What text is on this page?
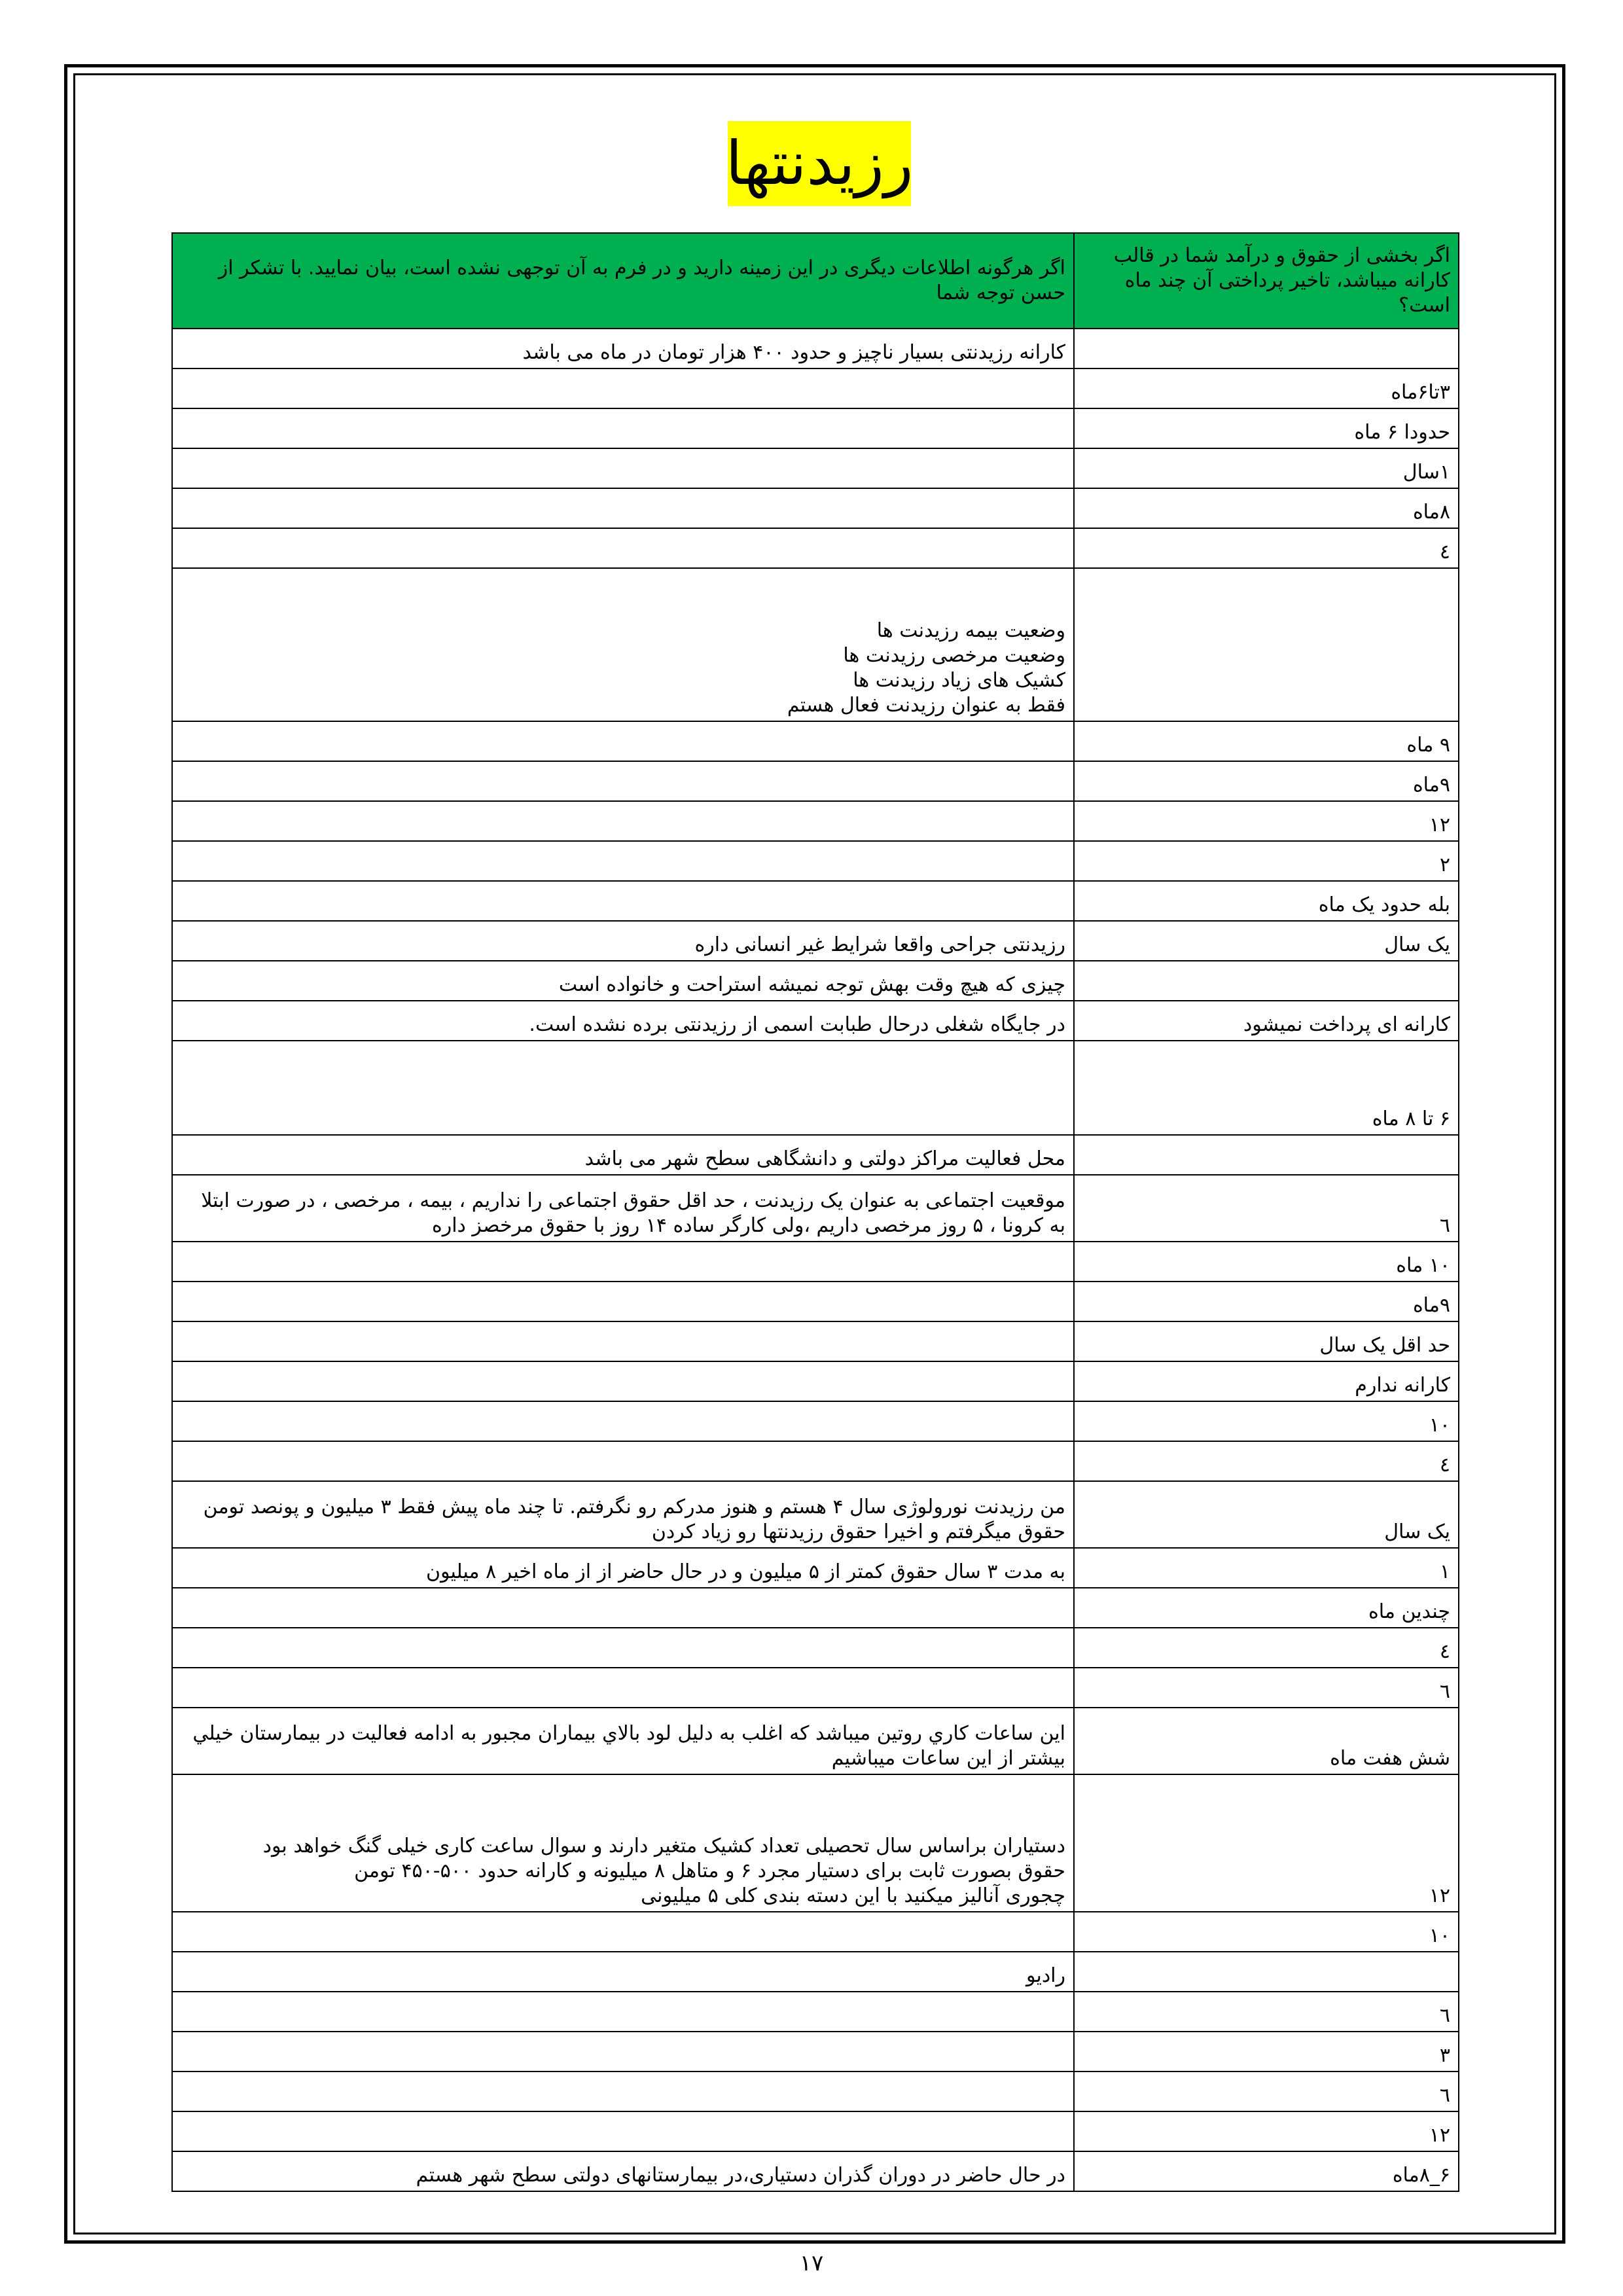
رزیدنتها
اگر بخشی از حقوق و درآمد شما در قالب کارانه میباشد، تاخیر پرداختی آن چند ماه است؟	اگر هرگونه اطلاعات دیگری در این زمینه دارید و در فرم به آن توجهی نشده است، بیان نمایید. با تشکر از حسن توجه شما
	کارانه رزیدنتی بسیار ناچیز و حدود ۴۰۰ هزار تومان در ماه می باشد
۳تا۶ماه	
حدودا ۶ ماه	
۱سال	
۸ماه	
٤	
	وضعیت بیمه رزیدنت ها
وضعیت مرخصی رزیدنت ها
کشیک های زیاد رزیدنت ها
فقط به عنوان رزیدنت فعال هستم
۹ ماه	
۹ماه	
۱۲	
۲	
بله حدود یک ماه	
یک سال	رزیدنتی جراحی واقعا شرایط غیر انسانی داره
	چیزی که هیچ وقت بهش توجه نمیشه استراحت و خانواده است
کارانه ای پرداخت نمیشود	در جایگاه شغلی درحال طبابت اسمی از رزیدنتی برده نشده است.
۶ تا ۸ ماه	
	محل فعالیت مراکز دولتی و دانشگاهی سطح شهر می باشد
٦	موقعیت اجتماعی به عنوان یک رزیدنت ، حد اقل حقوق اجتماعی را نداریم ، بیمه ، مرخصی ، در صورت ابتلا به کرونا ، ۵ روز مرخصی داریم ،ولی کارگر ساده ۱۴ روز با حقوق مرخصز داره
۱۰ ماه	
۹ماه	
حد اقل یک سال	
کارانه ندارم	
۱۰	
٤	
یک سال	من رزیدنت نورولوژی سال ۴ هستم و هنوز مدرکم رو نگرفتم. تا چند ماه پیش فقط ۳ میلیون و پونصد تومن حقوق میگرفتم و اخیرا حقوق رزیدنتها رو زیاد کردن
۱	به مدت ۳ سال حقوق کمتر از ۵ میلیون و در حال حاضر از از ماه اخیر ۸ میلیون
چندین ماه	
٤	
٦	
شش هفت ماه	اين ساعات كاري روتين ميباشد كه اغلب به دليل لود بالاي بيماران مجبور به ادامه فعاليت در بيمارستان خيلي بيشتر از اين ساعات ميباشيم
۱۲	دستیاران براساس سال تحصیلی تعداد کشیک متغیر دارند و سوال ساعت کاری خیلی گنگ خواهد بود
حقوق بصورت ثابت برای دستیار مجرد ۶ و متاهل ۸ میلیونه و کارانه حدود ۵۰۰-۴۵۰ تومن
چجوری آنالیز میکنید با این دسته بندی کلی ۵ میلیونی
۱۰	
	رادیو
٦	
۳	
٦	
۱۲	
۶_۸ماه	در حال حاضر در دوران گذران دستیاری،در بیمارستانهای دولتی سطح شهر هستم
۱۷
